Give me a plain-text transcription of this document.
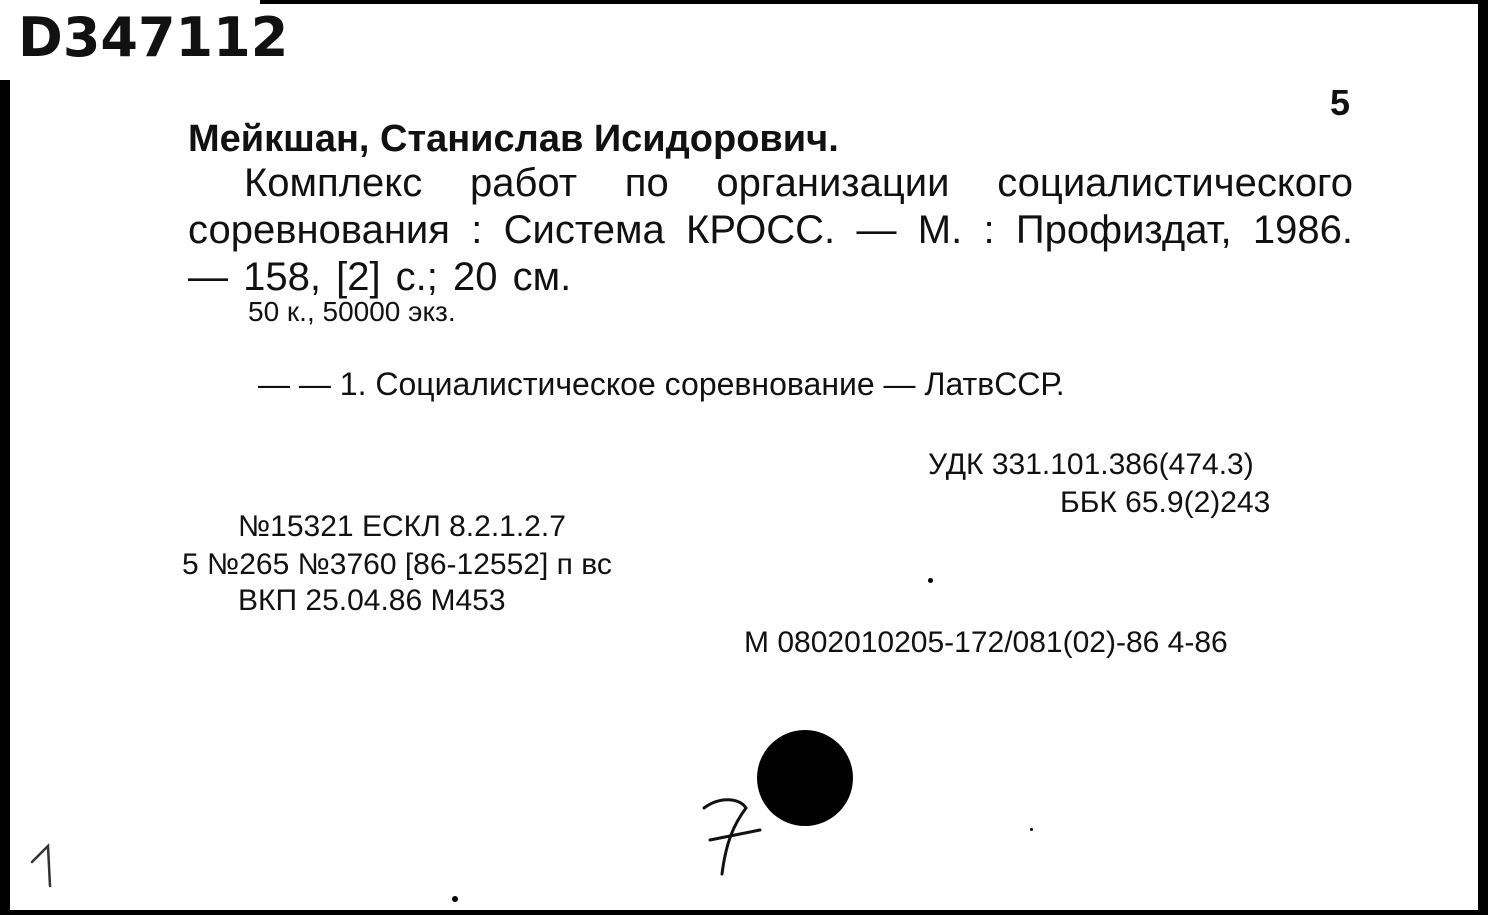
D347112
5
Мейкшан, Станислав Исидорович.
Комплекс работ по организации социалистического соревнования : Система КРОСС. — М. : Профиздат, 1986. — 158, [2] с.; 20 см.
50 к., 50000 экз.
— — 1. Социалистическое соревнование — ЛатвССР.
УДК 331.101.386(474.3)
ББК 65.9(2)243
№15321 ЕСКЛ 8.2.1.2.7
5 №265 №3760 [86-12552] п вс
ВКП 25.04.86 М453
М 0802010205-172/081(02)-86 4-86
